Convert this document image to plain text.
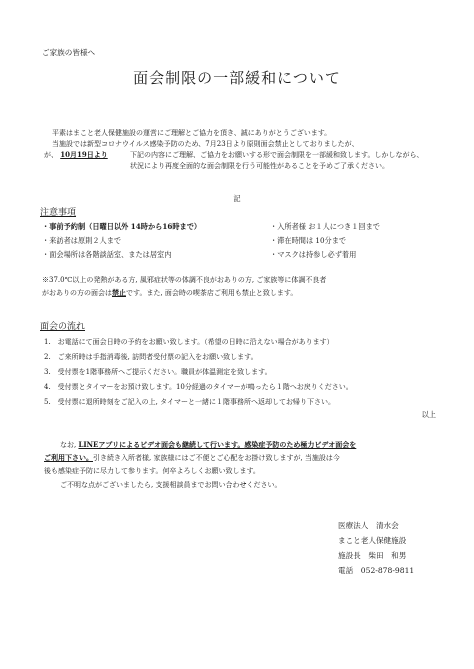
ご家族の皆様へ
面会制限の一部緩和について
平素はまこと老人保健施設の運営にご理解とご協力を頂き、誠にありがとうございます。
当施設では新型コロナウイルス感染予防のため、7月23日より原則面会禁止としておりましたが、
が、 10月19日より	下記の内容にご理解、ご協力をお願いする形で面会制限を一部緩和致します。しかしながら、状況により再度全面的な面会制限を行う可能性があることを予めご了承ください。
記
注意事項
・事前予約制（日曜日以外 14時から16時まで）
・来訪者は原則２人まで
・面会場所は各階談話室、または居室内
・入所者様 お１人につき１回まで
・滞在時間は 10分まで
・マスクは持参し必ず着用
※37.0℃以上の発熱がある方, 風邪症状等の体調不良がおありの方, ご家族等に体調不良者
がおありの方の面会は禁止です。また, 面会時の喫茶店ご利用も禁止と致します。
面会の流れ
1.　お電話にて面会日時の予約をお願い致します。（希望の日時に沿えない場合があります）
2.　ご来所時は手指消毒後, 訪問者受付票の記入をお願い致します。
3.　受付票を1階事務所へご提示ください。職員が体温測定を致します。
4.　受付票とタイマーをお預け致します。10分経過のタイマーが鳴ったら１階へお戻りください。
5.　受付票に退所時刻をご記入の上, タイマーと一緒に１階事務所へ返却してお帰り下さい。
以上
なお, LINEアプリによるビデオ面会も継続して行います。感染症予防のため極力ビデオ面会を
ご利用下さい。引き続き入所者様, 家族様にはご不便とご心配をお掛け致しますが, 当施設は今
後も感染症予防に尽力して参ります。何卒よろしくお願い致します。
ご不明な点がございましたら, 支援相談員までお問い合わせください。
医療法人　清水会
まこと老人保健施設
施設長　柴田　和男
電話　052-878-9811
